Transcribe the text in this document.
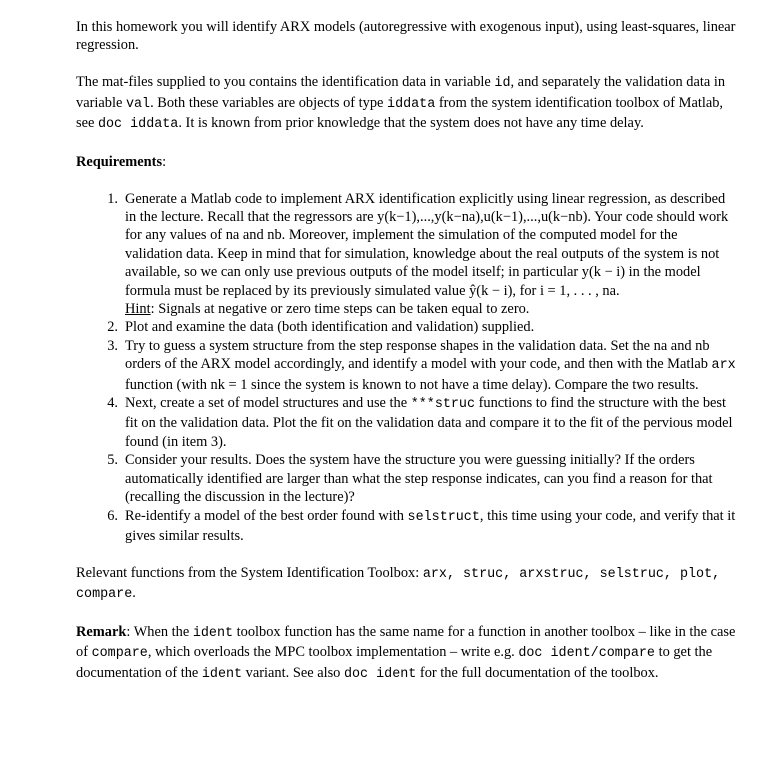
In this homework you will identify ARX models (autoregressive with exogenous input), using least-squares, linear regression.

The mat-files supplied to you contains the identification data in variable id, and separately the validation data in variable val. Both these variables are objects of type iddata from the system identification toolbox of Matlab, see doc iddata. It is known from prior knowledge that the system does not have any time delay.

Requirements:

1. Generate a Matlab code to implement ARX identification explicitly using linear regression, as described in the lecture. Recall that the regressors are y(k−1),...,y(k−na),u(k−1),...,u(k−nb). Your code should work for any values of na and nb. Moreover, implement the simulation of the computed model for the validation data. Keep in mind that for simulation, knowledge about the real outputs of the system is not available, so we can only use previous outputs of the model itself; in particular y(k − i) in the model formula must be replaced by its previously simulated value ŷ(k − i), for i = 1, . . . , na.
Hint: Signals at negative or zero time steps can be taken equal to zero.
2. Plot and examine the data (both identification and validation) supplied.
3. Try to guess a system structure from the step response shapes in the validation data. Set the na and nb orders of the ARX model accordingly, and identify a model with your code, and then with the Matlab arx function (with nk = 1 since the system is known to not have a time delay). Compare the two results.
4. Next, create a set of model structures and use the ***struc functions to find the structure with the best fit on the validation data. Plot the fit on the validation data and compare it to the fit of the pervious model found (in item 3).
5. Consider your results. Does the system have the structure you were guessing initially? If the orders automatically identified are larger than what the step response indicates, can you find a reason for that (recalling the discussion in the lecture)?
6. Re-identify a model of the best order found with selstruct, this time using your code, and verify that it gives similar results.

Relevant functions from the System Identification Toolbox: arx, struc, arxstruc, selstruc, plot, compare.

Remark: When the ident toolbox function has the same name for a function in another toolbox – like in the case of compare, which overloads the MPC toolbox implementation – write e.g. doc ident/compare to get the documentation of the ident variant. See also doc ident for the full documentation of the toolbox.
